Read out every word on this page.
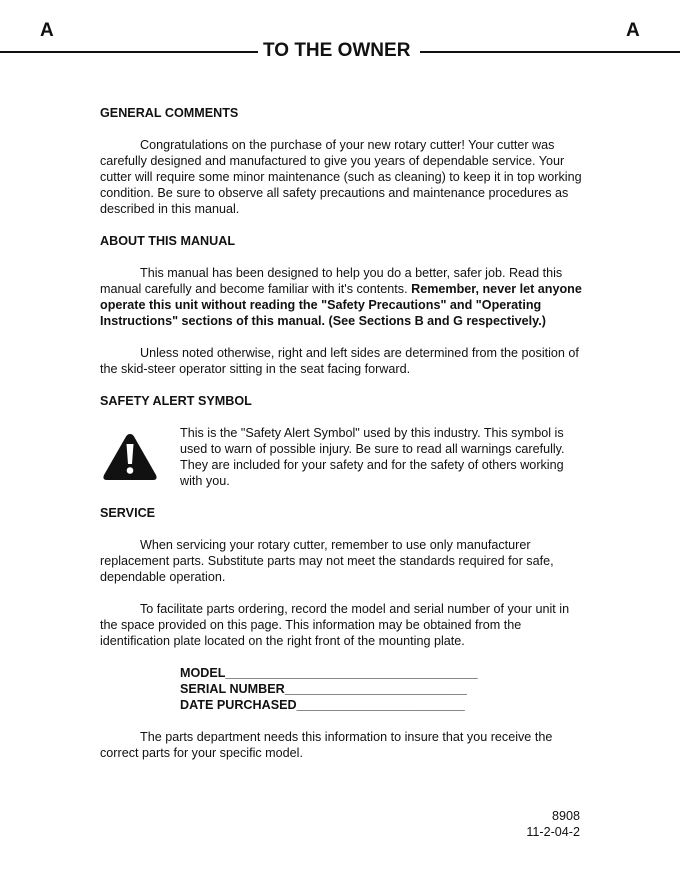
A	A
TO THE OWNER
GENERAL COMMENTS

Congratulations on the purchase of your new rotary cutter! Your cutter was carefully designed and manufactured to give you years of dependable service. Your cutter will require some minor maintenance (such as cleaning) to keep it in top working condition. Be sure to observe all safety precautions and maintenance procedures as described in this manual.

ABOUT THIS MANUAL

This manual has been designed to help you do a better, safer job. Read this manual carefully and become familiar with it's contents. Remember, never let anyone operate this unit without reading the "Safety Precautions" and "Operating Instructions" sections of this manual. (See Sections B and G respectively.)

Unless noted otherwise, right and left sides are determined from the position of the skid-steer operator sitting in the seat facing forward.

SAFETY ALERT SYMBOL

This is the "Safety Alert Symbol" used by this industry. This symbol is used to warn of possible injury. Be sure to read all warnings carefully. They are included for your safety and for the safety of others working with you.

SERVICE

When servicing your rotary cutter, remember to use only manufacturer replacement parts. Substitute parts may not meet the standards required for safe, dependable operation.

To facilitate parts ordering, record the model and serial number of your unit in the space provided on this page. This information may be obtained from the identification plate located on the right front of the mounting plate.

MODEL____________________________________
SERIAL NUMBER__________________________
DATE PURCHASED________________________

The parts department needs this information to insure that you receive the correct parts for your specific model.

8908
11-2-04-2
